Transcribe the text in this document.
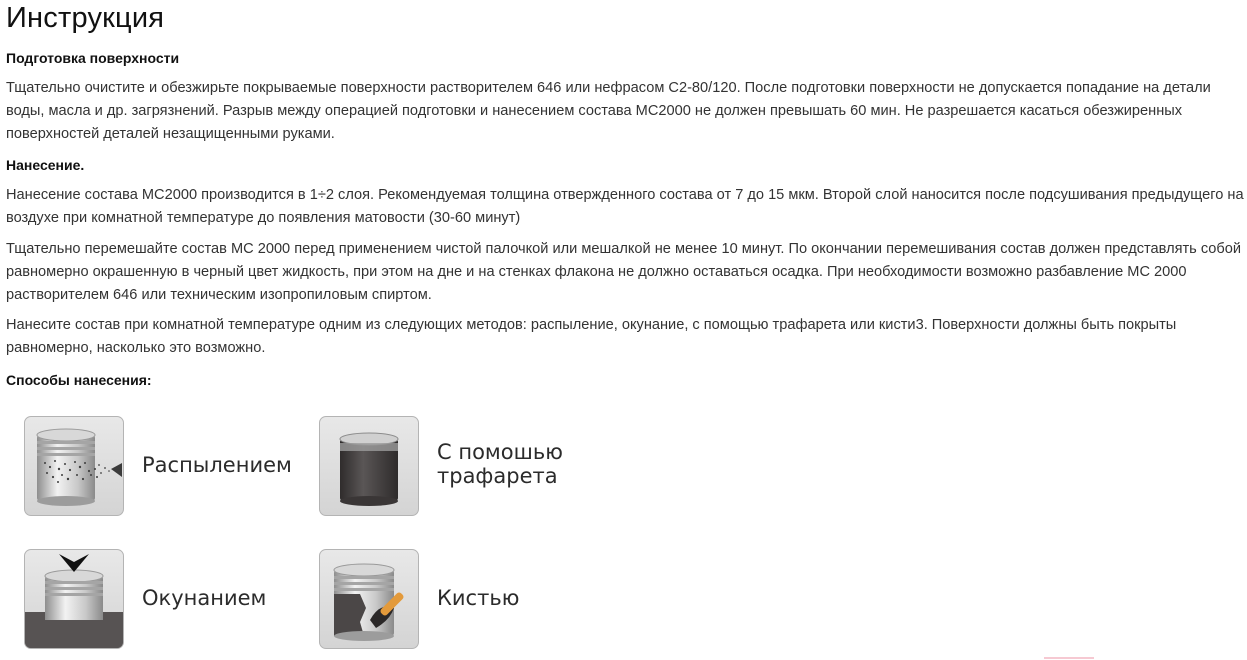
Инструкция
Подготовка поверхности

Тщательно очистите и обезжирьте покрываемые поверхности растворителем 646 или нефрасом С2-80/120. После подготовки поверхности не допускается попадание на детали воды, масла и др. загрязнений. Разрыв между операцией подготовки и нанесением состава МС2000 не должен превышать 60 мин. Не разрешается касаться обезжиренных поверхностей деталей незащищенными руками.

Нанесение.

Нанесение состава МС2000 производится в 1÷2 слоя. Рекомендуемая толщина отвержденного состава от 7 до 15 мкм. Второй слой наносится после подсушивания предыдущего на воздухе при комнатной температуре до появления матовости (30-60 минут)

Тщательно перемешайте состав МС 2000 перед применением чистой палочкой или мешалкой не менее 10 минут. По окончании перемешивания состав должен представлять собой равномерно окрашенную в черный цвет жидкость, при этом на дне и на стенках флакона не должно оставаться осадка. При необходимости возможно разбавление МС 2000 растворителем 646 или техническим изопропиловым спиртом.

Нанесите состав при комнатной температуре одним из следующих методов: распыление, окунание, с помощью трафарета или кисти3. Поверхности должны быть покрыты равномерно, насколько это возможно.

Способы нанесения:
Распылением
С помошью
трафарета
Окунанием	Кистью
